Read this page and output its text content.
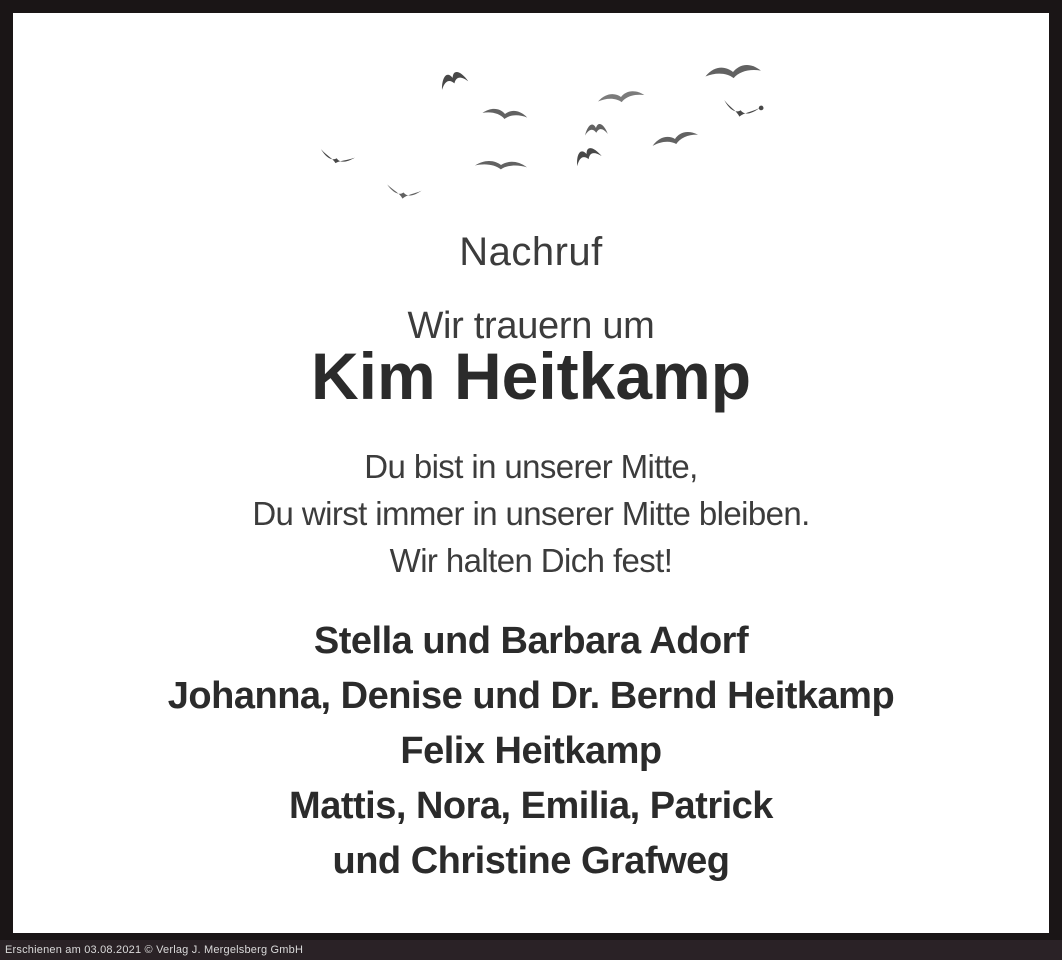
Nachruf
Wir trauern um
Kim Heitkamp
Du bist in unserer Mitte,
Du wirst immer in unserer Mitte bleiben.
Wir halten Dich fest!
Stella und Barbara Adorf
Johanna, Denise und Dr. Bernd Heitkamp
Felix Heitkamp
Mattis, Nora, Emilia, Patrick
und Christine Grafweg
Erschienen am 03.08.2021 © Verlag J. Mergelsberg GmbH
